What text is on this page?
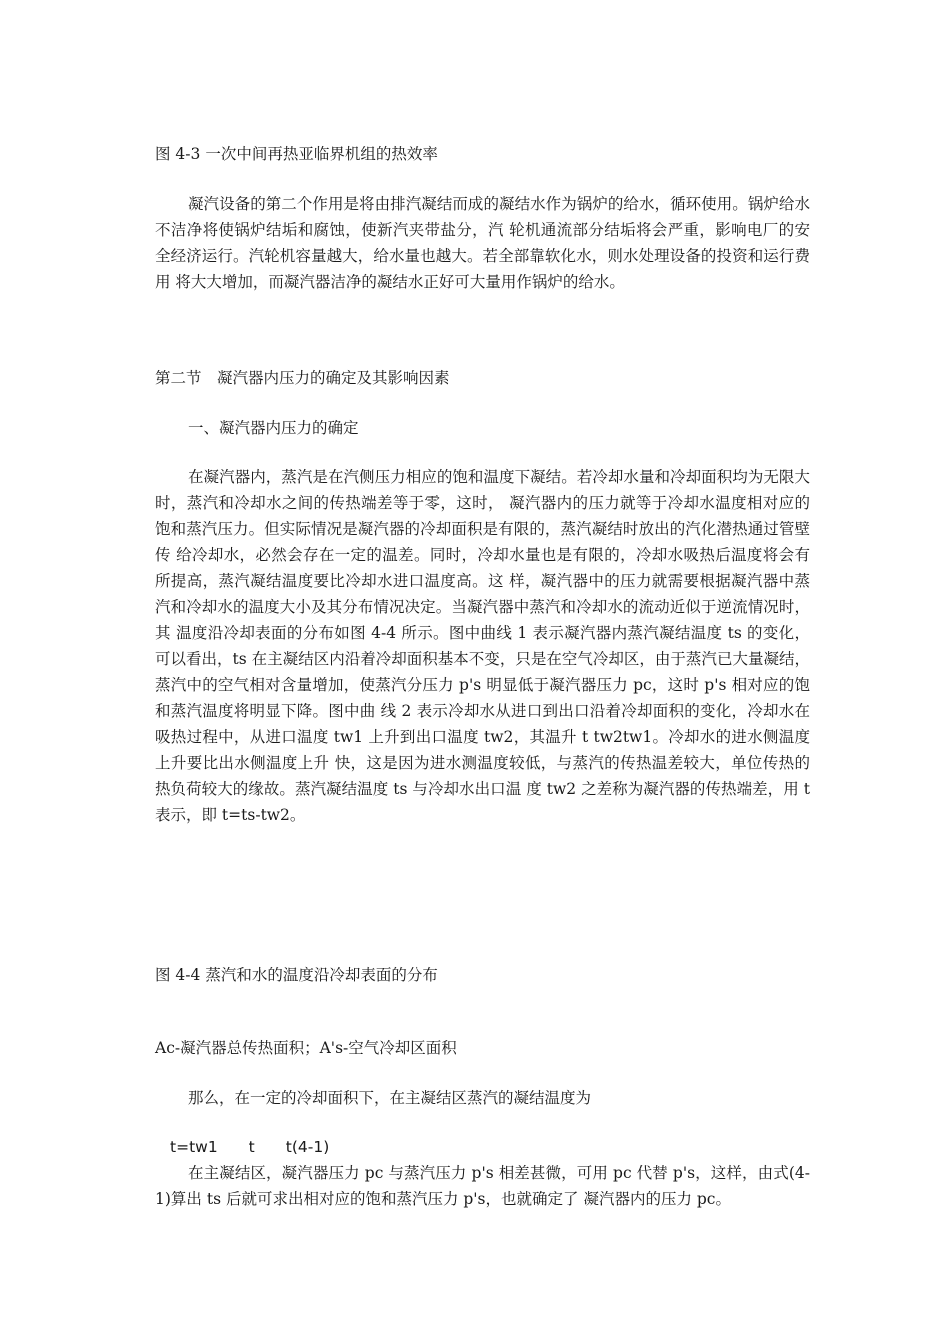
图 4-3 一次中间再热亚临界机组的热效率
凝汽设备的第二个作用是将由排汽凝结而成的凝结水作为锅炉的给水，循环使用。锅炉给水不洁净将使锅炉结垢和腐蚀，使新汽夹带盐分，汽 轮机通流部分结垢将会严重，影响电厂的安全经济运行。汽轮机容量越大，给水量也越大。若全部靠软化水，则水处理设备的投资和运行费用 将大大增加，而凝汽器洁净的凝结水正好可大量用作锅炉的给水。
第二节　凝汽器内压力的确定及其影响因素
一、凝汽器内压力的确定
在凝汽器内，蒸汽是在汽侧压力相应的饱和温度下凝结。若冷却水量和冷却面积均为无限大时，蒸汽和冷却水之间的传热端差等于零，这时， 凝汽器内的压力就等于冷却水温度相对应的饱和蒸汽压力。但实际情况是凝汽器的冷却面积是有限的，蒸汽凝结时放出的汽化潜热通过管壁传 给冷却水，必然会存在一定的温差。同时，冷却水量也是有限的，冷却水吸热后温度将会有所提高，蒸汽凝结温度要比冷却水进口温度高。这 样，凝汽器中的压力就需要根据凝汽器中蒸汽和冷却水的温度大小及其分布情况决定。当凝汽器中蒸汽和冷却水的流动近似于逆流情况时，其 温度沿冷却表面的分布如图 4-4 所示。图中曲线 1 表示凝汽器内蒸汽凝结温度 ts 的变化，可以看出，ts 在主凝结区内沿着冷却面积基本不变，只是在空气冷却区，由于蒸汽已大量凝结，蒸汽中的空气相对含量增加，使蒸汽分压力 p's 明显低于凝汽器压力 pc，这时 p's 相对应的饱和蒸汽温度将明显下降。图中曲 线 2 表示冷却水从进口到出口沿着冷却面积的变化，冷却水在吸热过程中，从进口温度 tw1 上升到出口温度 tw2，其温升 t tw2tw1。冷却水的进水侧温度上升要比出水侧温度上升 快，这是因为进水测温度较低，与蒸汽的传热温差较大，单位传热的热负荷较大的缘故。蒸汽凝结温度 ts 与冷却水出口温 度 tw2 之差称为凝汽器的传热端差，用 t 表示，即 t=ts-tw2。
图 4-4 蒸汽和水的温度沿冷却表面的分布
Ac-凝汽器总传热面积；A's-空气冷却区面积
那么，在一定的冷却面积下，在主凝结区蒸汽的凝结温度为
t=tw1　　t　　t(4-1)
在主凝结区，凝汽器压力 pc 与蒸汽压力 p's 相差甚微，可用 pc 代替 p's，这样，由式(4-1)算出 ts 后就可求出相对应的饱和蒸汽压力 p's，也就确定了 凝汽器内的压力 pc。
